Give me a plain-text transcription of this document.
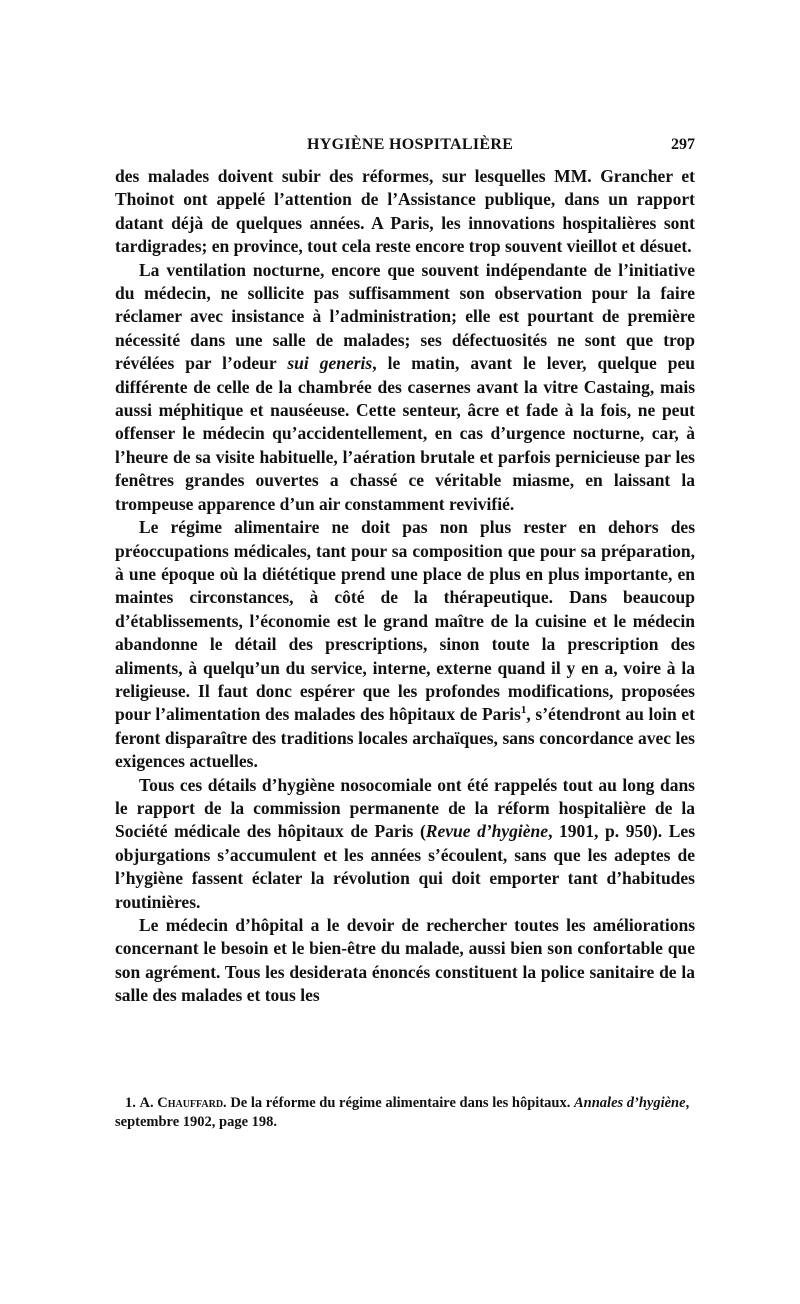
HYGIÈNE HOSPITALIÈRE	297

des malades doivent subir des réformes, sur lesquelles MM. Grancher et Thoinot ont appelé l’attention de l’Assistance publique, dans un rapport datant déjà de quelques années. A Paris, les innovations hospitalières sont tardigrades; en province, tout cela reste encore trop souvent vieillot et désuet.

La ventilation nocturne, encore que souvent indépendante de l’initiative du médecin, ne sollicite pas suffisamment son observation pour la faire réclamer avec insistance à l’administration; elle est pourtant de première nécessité dans une salle de malades; ses défectuosités ne sont que trop révélées par l’odeur sui generis, le matin, avant le lever, quelque peu différente de celle de la chambrée des casernes avant la vitre Castaing, mais aussi méphitique et nauséeuse. Cette senteur, âcre et fade à la fois, ne peut offenser le médecin qu’accidentellement, en cas d’urgence nocturne, car, à l’heure de sa visite habituelle, l’aération brutale et parfois pernicieuse par les fenêtres grandes ouvertes a chassé ce véritable miasme, en laissant la trompeuse apparence d’un air constamment revivifié.

Le régime alimentaire ne doit pas non plus rester en dehors des préoccupations médicales, tant pour sa composition que pour sa préparation, à une époque où la diététique prend une place de plus en plus importante, en maintes circonstances, à côté de la thérapeutique. Dans beaucoup d’établissements, l’économie est le grand maître de la cuisine et le médecin abandonne le détail des prescriptions, sinon toute la prescription des aliments, à quelqu’un du service, interne, externe quand il y en a, voire à la religieuse. Il faut donc espérer que les profondes modifications, proposées pour l’alimentation des malades des hôpitaux de Paris$^1$, s’étendront au loin et feront disparaître des traditions locales archaïques, sans concordance avec les exigences actuelles.

Tous ces détails d’hygiène nosocomiale ont été rappelés tout au long dans le rapport de la commission permanente de la réform hospitalière de la Société médicale des hôpitaux de Paris (Revue d’hygiène, 1901, p. 950). Les objurgations s’accumulent et les années s’écoulent, sans que les adeptes de l’hygiène fassent éclater la révolution qui doit emporter tant d’habitudes routinières.

Le médecin d’hôpital a le devoir de rechercher toutes les améliorations concernant le besoin et le bien-être du malade, aussi bien son confortable que son agrément. Tous les desiderata énoncés constituent la police sanitaire de la salle des malades et tous les

1. A. Chauffard. De la réforme du régime alimentaire dans les hôpitaux. Annales d’hygiène, septembre 1902, page 198.
